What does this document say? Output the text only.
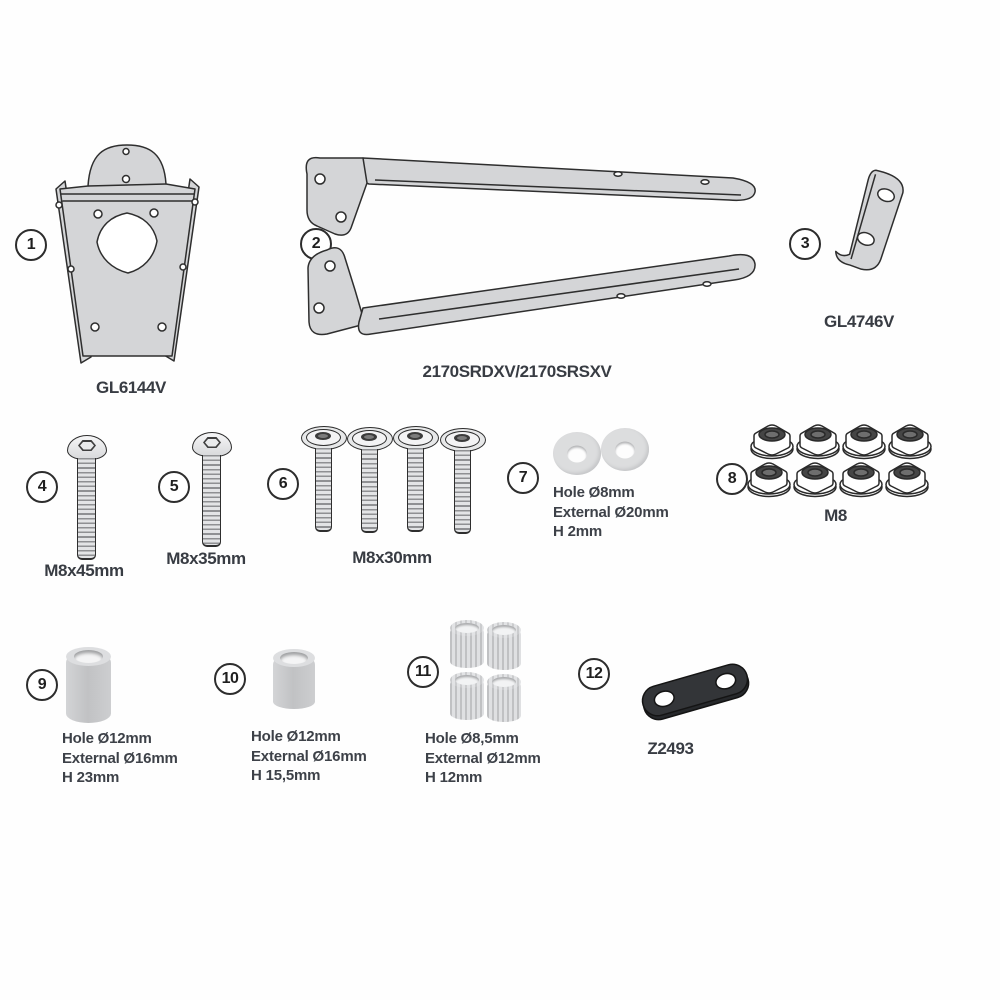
1
GL6144V
2
2170SRDXV/2170SRSXV
3
GL4746V
4
M8x45mm
5
M8x35mm
6
M8x30mm
7
Hole Ø8mm
External Ø20mm
H 2mm
8
M8
9
Hole Ø12mm
External Ø16mm
H 23mm
10
Hole Ø12mm
External Ø16mm
H 15,5mm
11
Hole Ø8,5mm
External Ø12mm
H 12mm
12
Z2493
